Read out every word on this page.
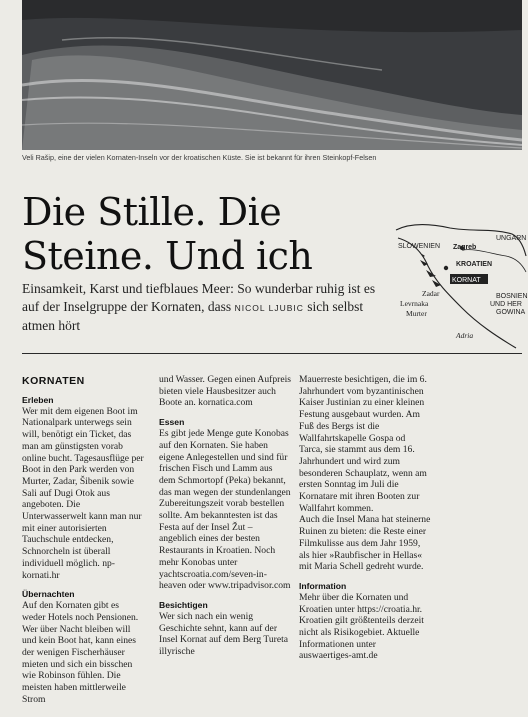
Veli Rašip, eine der vielen Kornaten-Inseln vor der kroatischen Küste. Sie ist bekannt für ihren Steinkopf-Felsen
Die Stille. Die
Steine. Und ich

Einsamkeit, Karst und tiefblaues Meer: So wunderbar ruhig ist es auf der Inselgruppe der Kornaten, dass NICOL LJUBIC sich selbst atmen hört

SLOWENIEN Zagreb
UNGARN
KROATIEN
KORNAT
Zadar
Levrnaka
Murter
BOSNIEN
UND HER
GOWINA
Adria
KORNATEN
Erleben

Wer mit dem eigenen Boot im Nationalpark unterwegs sein will, benötigt ein Ticket, das man am günstigsten vorab online bucht. Tagesausflüge per Boot in den Park werden von Murter, Zadar, Šibenik sowie Sali auf Dugi Otok aus angeboten. Die Unterwasserwelt kann man nur mit einer autorisierten Tauchschule entdecken, Schnorcheln ist überall individuell möglich. np-kornati.hr

Übernachten

Auf den Kornaten gibt es weder Hotels noch Pensionen. Wer über Nacht bleiben will und kein Boot hat, kann eines der wenigen Fischerhäuser mieten und sich ein bisschen wie Robinson fühlen. Die meisten haben mittlerweile Strom

und Wasser. Gegen einen Aufpreis bieten viele Hausbesitzer auch Boote an. kornatica.com

Essen

Es gibt jede Menge gute Konobas auf den Kornaten. Sie haben eigene Anlegestellen und sind für frischen Fisch und Lamm aus dem Schmortopf (Peka) bekannt, das man wegen der stundenlangen Zubereitungszeit vorab bestellen sollte. Am bekanntesten ist das Festa auf der Insel Žut – angeblich eines der besten Restaurants in Kroatien. Noch mehr Konobas unter yachtscroatia.com/seven-in-heaven oder www.tripadvisor.com

Besichtigen

Wer sich nach ein wenig Geschichte sehnt, kann auf der Insel Kornat auf dem Berg Tureta illyrische

Mauerreste besichtigen, die im 6. Jahrhundert vom byzantinischen Kaiser Justinian zu einer kleinen Festung ausgebaut wurden. Am Fuß des Bergs ist die Wallfahrtskapelle Gospa od Tarca, sie stammt aus dem 16. Jahrhundert und wird zum besonderen Schauplatz, wenn am ersten Sonntag im Juli die Kornatare mit ihren Booten zur Wallfahrt kommen.

Auch die Insel Mana hat steinerne Ruinen zu bieten: die Reste einer Filmkulisse aus dem Jahr 1959, als hier »Raubfischer in Hellas« mit Maria Schell gedreht wurde.

Information

Mehr über die Kornaten und Kroatien unter https://croatia.hr. Kroatien gilt größtenteils derzeit nicht als Risikogebiet. Aktuelle Informationen unter auswaertiges-amt.de
